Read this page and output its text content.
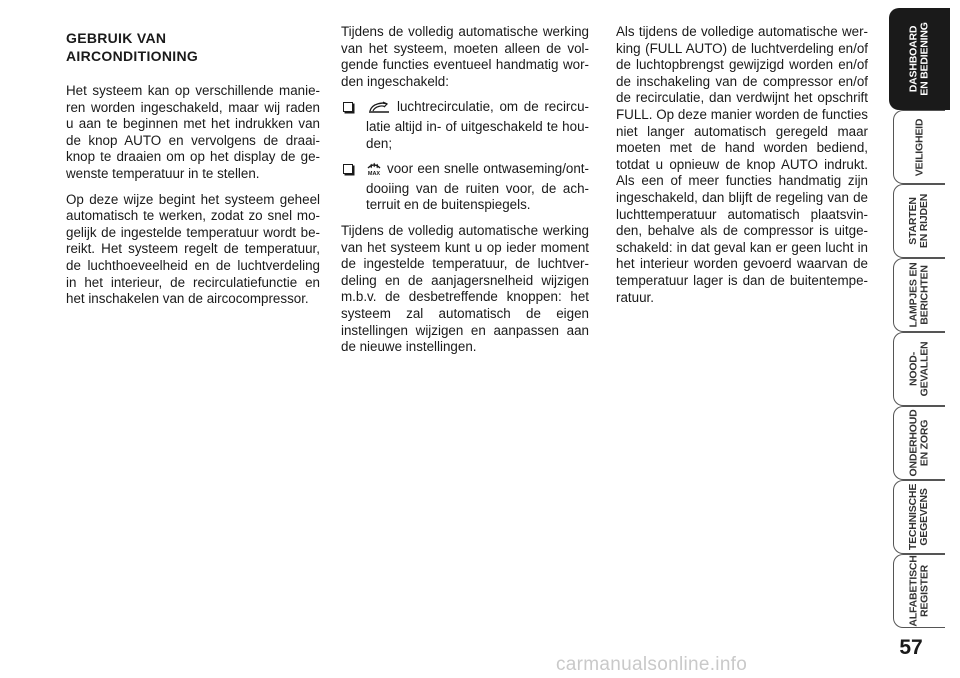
GEBRUIK VAN
AIRCONDITIONING

Het systeem kan op verschillende manieren worden ingeschakeld, maar wij raden u aan te beginnen met het indrukken van de knop AUTO en vervolgens de draaiknop te draaien om op het display de gewenste temperatuur in te stellen.

Op deze wijze begint het systeem geheel automatisch te werken, zodat zo snel mogelijk de ingestelde temperatuur wordt bereikt. Het systeem regelt de temperatuur, de luchthoeveelheid en de luchtverdeling in het interieur, de recirculatiefunctie en het inschakelen van de aircocompressor.

Tijdens de volledig automatische werking van het systeem, moeten alleen de volgende functies eventueel handmatig worden ingeschakeld:

luchtrecirculatie, om de recirculatie altijd in- of uitgeschakeld te houden;
MAX voor een snelle ontwaseming/ontdooiing van de ruiten voor, de achterruit en de buitenspiegels.

Tijdens de volledig automatische werking van het systeem kunt u op ieder moment de ingestelde temperatuur, de luchtverdeling en de aanjagersnelheid wijzigen m.b.v. de desbetreffende knoppen: het systeem zal automatisch de eigen instellingen wijzigen en aanpassen aan de nieuwe instellingen.

Als tijdens de volledige automatische werking (FULL AUTO) de luchtverdeling en/of de luchtopbrengst gewijzigd worden en/of de inschakeling van de compressor en/of de recirculatie, dan verdwijnt het opschrift FULL. Op deze manier worden de functies niet langer automatisch geregeld maar moeten met de hand worden bediend, totdat u opnieuw de knop AUTO indrukt. Als een of meer functies handmatig zijn ingeschakeld, dan blijft de regeling van de luchttemperatuur automatisch plaatsvinden, behalve als de compressor is uitgeschakeld: in dat geval kan er geen lucht in het interieur worden gevoerd waarvan de temperatuur lager is dan de buitentemperatuur.

DASHBOARD EN BEDIENING
VEILIGHEID
STARTEN EN RIJDEN
LAMPJES EN BERICHTEN
NOOD- GEVALLEN
ONDERHOUD EN ZORG
TECHNISCHE GEGEVENS
ALFABETISCH REGISTER
57
carmanualsonline.info
